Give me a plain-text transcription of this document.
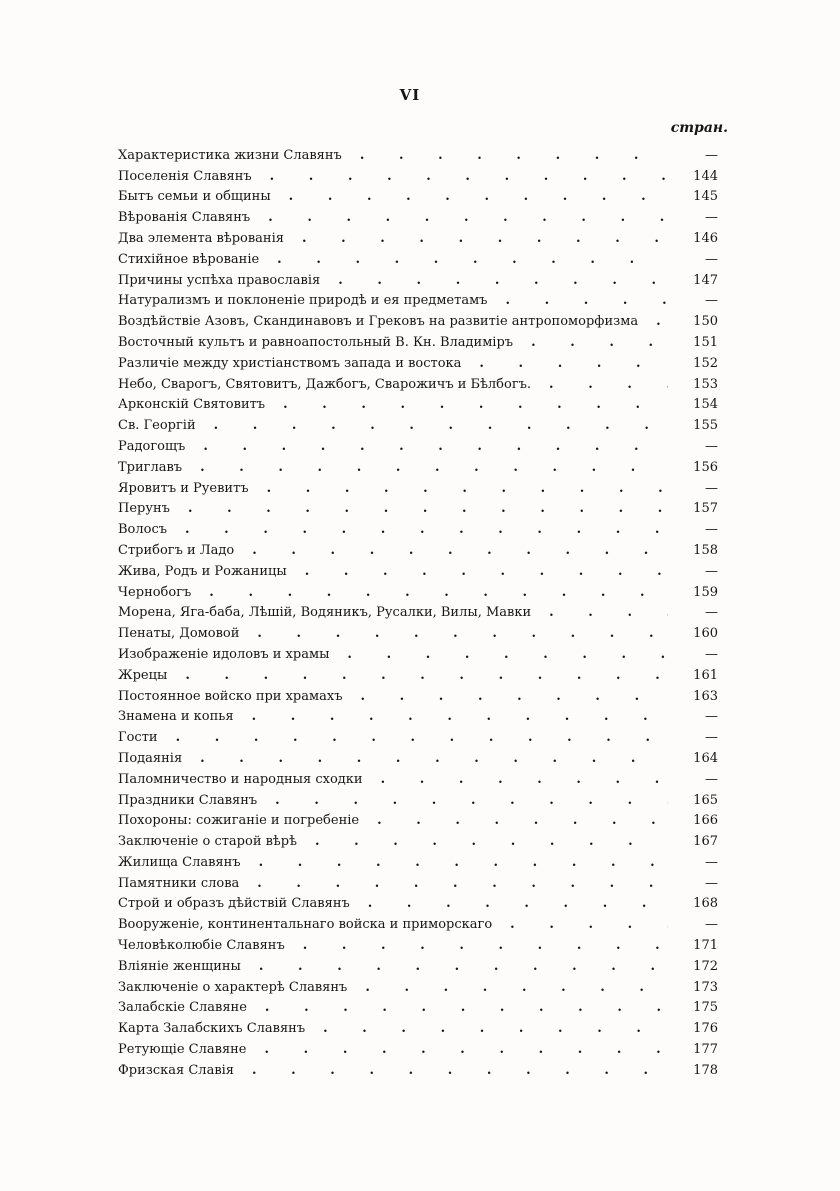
VI
стран.
Характеристика жизни Славянъ .	—
Поселенія Славянъ .	144
Бытъ семьи и общины .	145
Вѣрованія Славянъ .	—
Два элемента вѣрованія .	146
Стихійное вѣрованіе .	—
Причины успѣха православія .	147
Натурализмъ и поклоненіе природѣ и ея предметамъ .	—
Воздѣйствіе Азовъ, Скандинавовъ и Грековъ на развитіе антропоморфизма .	150
Восточный культъ и равноапостольный В. Кн. Владиміръ .	151
Различіе между христіанствомъ запада и востока .	152
Небо, Сварогъ, Святовитъ, Дажбогъ, Сварожичъ и Бѣлбогъ. .	153
Арконскій Святовитъ .	154
Св. Георгій .	155
Радогощъ .	—
Триглавъ .	156
Яровитъ и Руевитъ .	—
Перунъ .	157
Волосъ .	—
Стрибогъ и Ладо .	158
Жива, Родъ и Рожаницы .	—
Чернобогъ .	159
Морена, Яга-баба, Лѣшій, Водяникъ, Русалки, Вилы, Мавки .	—
Пенаты, Домовой .	160
Изображеніе идоловъ и храмы .	—
Жрецы .	161
Постоянное войско при храмахъ .	163
Знамена и копья .	—
Гости .	—
Подаянія .	164
Паломничество и народныя сходки .	—
Праздники Славянъ .	165
Похороны: сожиганіе и погребеніе .	166
Заключеніе о старой вѣрѣ .	167
Жилища Славянъ .	—
Памятники слова .	—
Строй и образъ дѣйствій Славянъ .	168
Вооруженіе, континентальнаго войска и приморскаго .	—
Человѣколюбіе Славянъ .	171
Вліяніе женщины .	172
Заключеніе о характерѣ Славянъ .	173
Залабскіе Славяне .	175
Карта Залабскихъ Славянъ .	176
Ретующіе Славяне .	177
Фризская Славія .	178
